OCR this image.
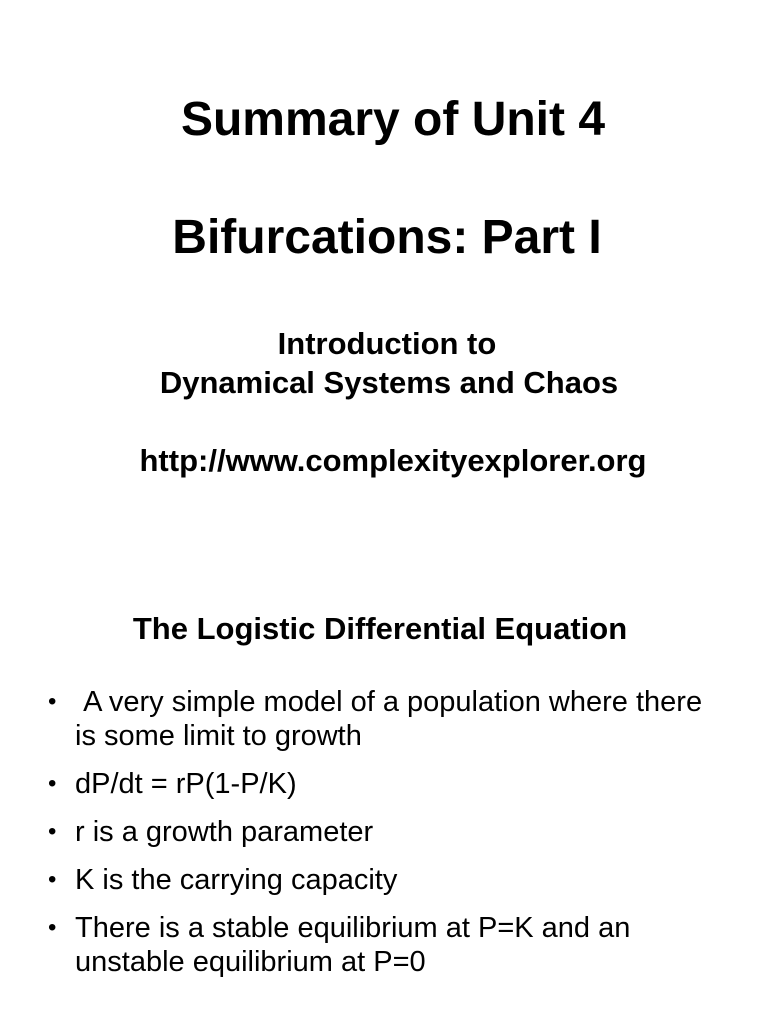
Summary of Unit 4
Bifurcations: Part I
Introduction to
Dynamical Systems and Chaos
http://www.complexityexplorer.org
The Logistic Differential Equation
• A very simple model of a population where there is some limit to growth
• dP/dt = rP(1-P/K)
• r is a growth parameter
• K is the carrying capacity
• There is a stable equilibrium at P=K and an unstable equilibrium at P=0
